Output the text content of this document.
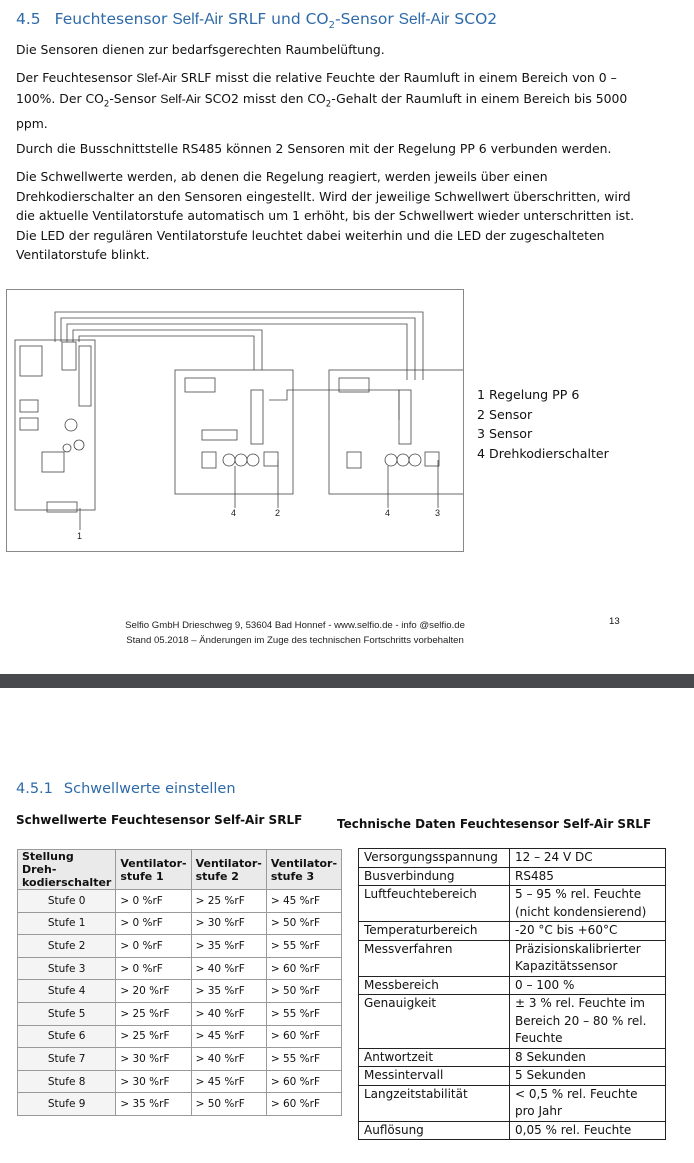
4.5 Feuchtesensor Self-Air SRLF und $CO_2$-Sensor Self-Air SCO2
Die Sensoren dienen zur bedarfsgerechten Raumbelüftung.
Der Feuchtesensor Slef-Air SRLF misst die relative Feuchte der Raumluft in einem Bereich von 0 – 100%. Der $CO_2$-Sensor Self-Air SCO2 misst den $CO_2$-Gehalt der Raumluft in einem Bereich bis 5000 ppm.
Durch die Busschnittstelle RS485 können 2 Sensoren mit der Regelung PP 6 verbunden werden.
Die Schwellwerte werden, ab denen die Regelung reagiert, werden jeweils über einen Drehkodierschalter an den Sensoren eingestellt. Wird der jeweilige Schwellwert überschritten, wird die aktuelle Ventilatorstufe automatisch um 1 erhöht, bis der Schwellwert wieder unterschritten ist. Die LED der regulären Ventilatorstufe leuchtet dabei weiterhin und die LED der zugeschalteten Ventilatorstufe blinkt.
1
2	3
4	4
1 Regelung PP 6
2 Sensor
3 Sensor
4 Drehkodierschalter
Selfio GmbH Drieschweg 9, 53604 Bad Honnef - www.selfio.de - info @selfio.de
Stand 05.2018 – Änderungen im Zuge des technischen Fortschritts vorbehalten
13
4.5.1 Schwellwerte einstellen
Schwellwerte Feuchtesensor Self-Air SRLF	Technische Daten Feuchtesensor Self-Air SRLF
Stellung Dreh-kodierschalter	Ventilator-stufe 1	Ventilator-stufe 2	Ventilator-stufe 3
Stufe 0	> 0 %rF	> 25 %rF	> 45 %rF
Stufe 1	> 0 %rF	> 30 %rF	> 50 %rF
Stufe 2	> 0 %rF	> 35 %rF	> 55 %rF
Stufe 3	> 0 %rF	> 40 %rF	> 60 %rF
Stufe 4	> 20 %rF	> 35 %rF	> 50 %rF
Stufe 5	> 25 %rF	> 40 %rF	> 55 %rF
Stufe 6	> 25 %rF	> 45 %rF	> 60 %rF
Stufe 7	> 30 %rF	> 40 %rF	> 55 %rF
Stufe 8	> 30 %rF	> 45 %rF	> 60 %rF
Stufe 9	> 35 %rF	> 50 %rF	> 60 %rF
Versorgungsspannung	12 – 24 V DC
Busverbindung	RS485
Luftfeuchtebereich	5 – 95 % rel. Feuchte (nicht kondensierend)
Temperaturbereich	-20 °C bis +60°C
Messverfahren	Präzisionskalibrierter Kapazitätssensor
Messbereich	0 – 100 %
Genauigkeit	± 3 % rel. Feuchte im Bereich 20 – 80 % rel. Feuchte
Antwortzeit	8 Sekunden
Messintervall	5 Sekunden
Langzeitstabilität	< 0,5 % rel. Feuchte pro Jahr
Auflösung	0,05 % rel. Feuchte
